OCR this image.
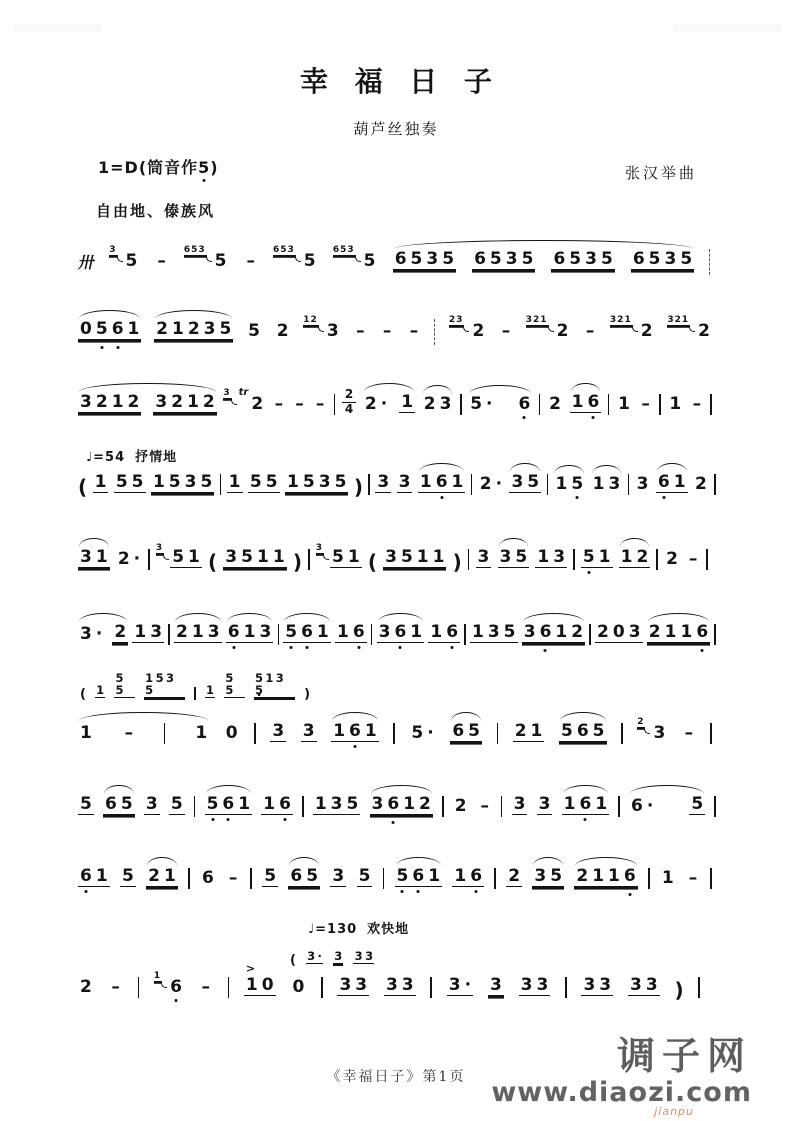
幸福日子
葫芦丝独奏
1=D(筒音作5
)	张汉举曲
自由地、傣族风
♩=54 抒情地
♩=130 欢快地
卅
3
5 –
653
5 –
653
5
653
5 6 5 3 5 6 5 3 5 6 5 3 5 6 5 3 5
0 5 6 1 2 1 2 3 5 5 2
12
3 – – –
23
2 –
321
2 –
321
2
321
2
3 2 1 2 3 2 1 2 3 tr
2 – – – $\frac{2}{4} 2 \cdot 1$ 2 3 5 · 6 2 1 6 1 – 1 –
( 1 5 5 1 5 3 5 1 5 5 1 5 3 5 ) 3 3 1 6 1 2 · 3 5 1 5 1 3 3 6 1 2
3 1 2 ·
3 5 1 ( 3 5 1 1 )
3 5 1 ( 3 5 1 1 ) 3 3 5 1 3 5 1 1 2 2 –
3 · 2 1 3 2 1 3 6 1 3 5 6 1 1 6 3 6 1 1 6 1 3 5 3 6 1 2 2 0 3 2 1 1 6
( 1
55
1 5 35	1
55
5 1 35	)
1 –	1 0 3 3 1 6 1 5 · 6 5 2 1 5 6 5	2
3 –
5 6 5 3 5 5 6 1 1 6 1 3 5 3 6 1 2 2 – 3 3 1 6 1 6 · 5
6 1 5 2 1 6 – 5 6 5 3 5 5 6 1 1 6 2 3 5 2 1 1 6 1 –
( 3 · 3 3 3
2 –
1
6 –
>
1 0 0 3 3 3 3 3 · 3 3 3 3 3 3 3 )
《幸福日子》第1页	调子网
www.diaozi.com
jianpu
